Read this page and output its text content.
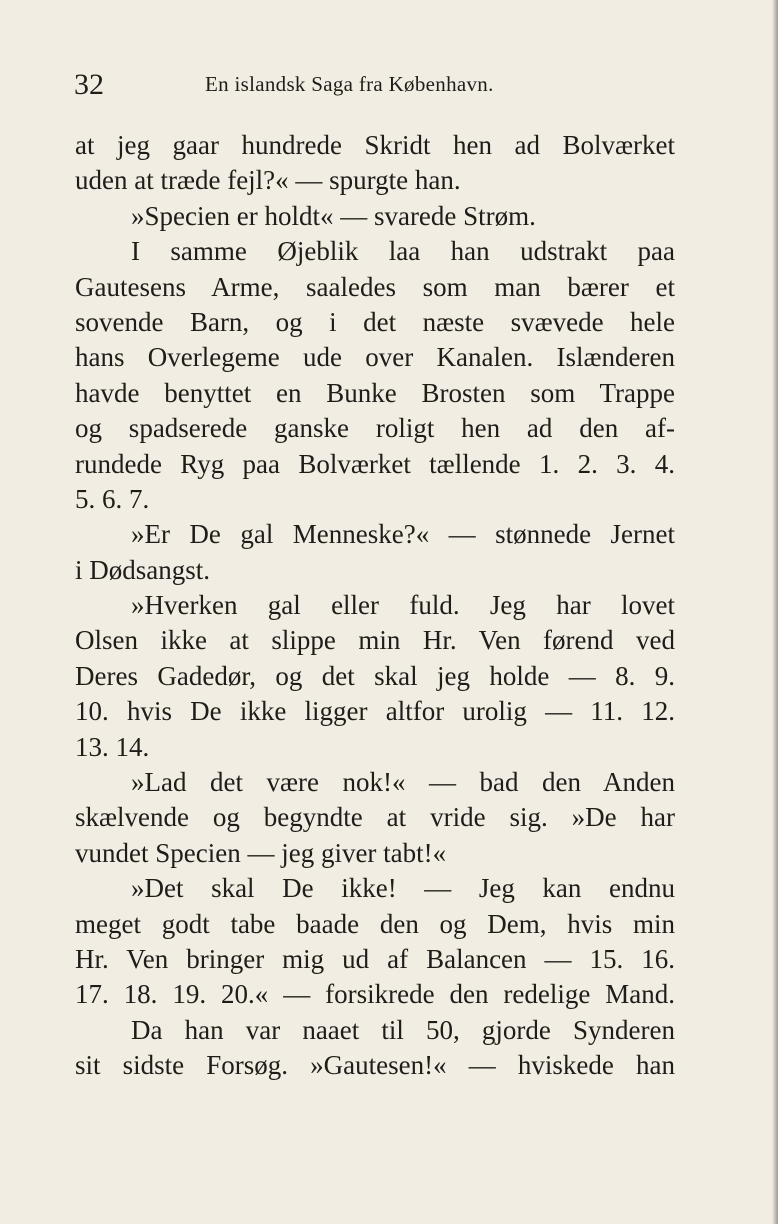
32	En islandsk Saga fra København.
at jeg gaar hundrede Skridt hen ad Bolværket
uden at træde fejl?« — spurgte han.
»Specien er holdt« — svarede Strøm.
I samme Øjeblik laa han udstrakt paa
Gautesens Arme, saaledes som man bærer et
sovende Barn, og i det næste svævede hele
hans Overlegeme ude over Kanalen. Islænderen
havde benyttet en Bunke Brosten som Trappe
og spadserede ganske roligt hen ad den af-
rundede Ryg paa Bolværket tællende 1. 2. 3. 4.
5. 6. 7.
»Er De gal Menneske?« — stønnede Jernet
i Dødsangst.
»Hverken gal eller fuld. Jeg har lovet
Olsen ikke at slippe min Hr. Ven førend ved
Deres Gadedør, og det skal jeg holde — 8. 9.
10. hvis De ikke ligger altfor urolig — 11. 12.
13. 14.
»Lad det være nok!« — bad den Anden
skælvende og begyndte at vride sig. »De har
vundet Specien — jeg giver tabt!«
»Det skal De ikke! — Jeg kan endnu
meget godt tabe baade den og Dem, hvis min
Hr. Ven bringer mig ud af Balancen — 15. 16.
17. 18. 19. 20.« — forsikrede den redelige Mand.
Da han var naaet til 50, gjorde Synderen
sit sidste Forsøg. »Gautesen!« — hviskede han
